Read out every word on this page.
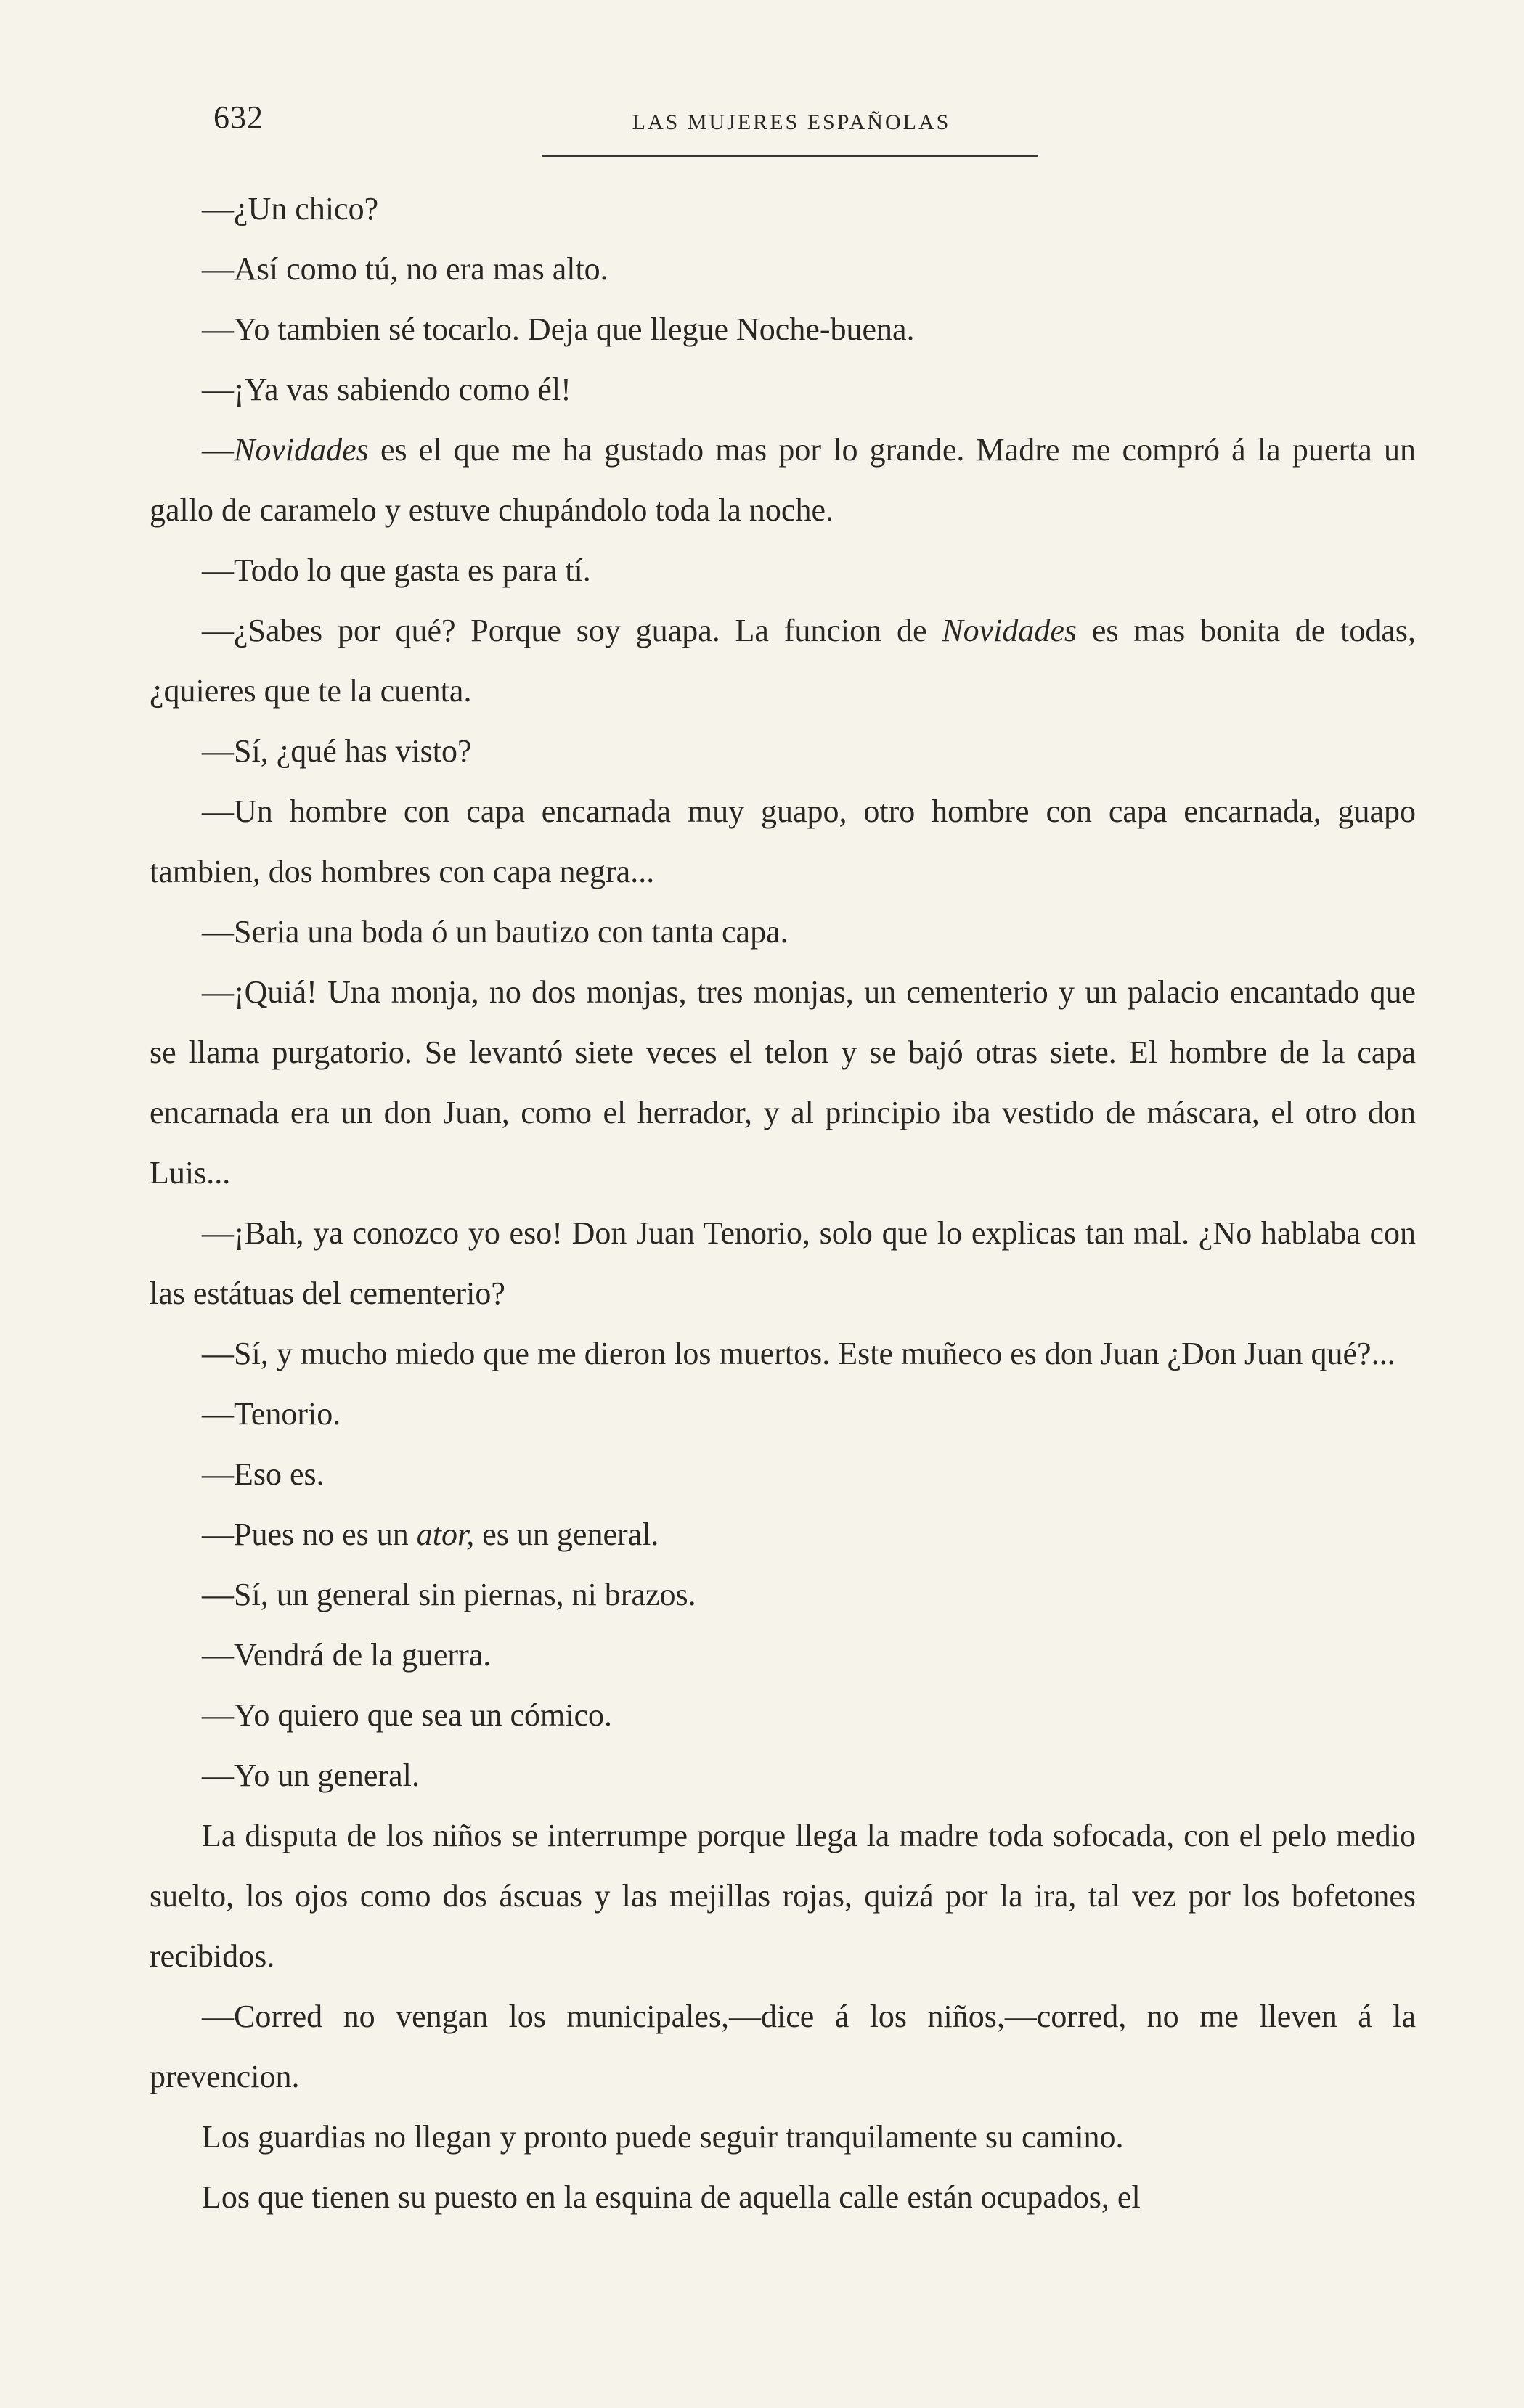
632	LAS MUJERES ESPAÑOLAS

—¿Un chico?

—Así como tú, no era mas alto.

—Yo tambien sé tocarlo. Deja que llegue Noche-buena.

—¡Ya vas sabiendo como él!

—Novidades es el que me ha gustado mas por lo grande. Madre me compró á la puerta un gallo de caramelo y estuve chupándolo toda la noche.

—Todo lo que gasta es para tí.

—¿Sabes por qué? Porque soy guapa. La funcion de Novidades es mas bonita de todas, ¿quieres que te la cuenta.

—Sí, ¿qué has visto?

—Un hombre con capa encarnada muy guapo, otro hombre con capa encarnada, guapo tambien, dos hombres con capa negra...

—Seria una boda ó un bautizo con tanta capa.

—¡Quiá! Una monja, no dos monjas, tres monjas, un cementerio y un palacio encantado que se llama purgatorio. Se levantó siete veces el telon y se bajó otras siete. El hombre de la capa encarnada era un don Juan, como el herrador, y al principio iba vestido de máscara, el otro don Luis...

—¡Bah, ya conozco yo eso! Don Juan Tenorio, solo que lo explicas tan mal. ¿No hablaba con las estátuas del cementerio?

—Sí, y mucho miedo que me dieron los muertos. Este muñeco es don Juan ¿Don Juan qué?...

—Tenorio.

—Eso es.

—Pues no es un ator, es un general.

—Sí, un general sin piernas, ni brazos.

—Vendrá de la guerra.

—Yo quiero que sea un cómico.

—Yo un general.

La disputa de los niños se interrumpe porque llega la madre toda sofocada, con el pelo medio suelto, los ojos como dos áscuas y las mejillas rojas, quizá por la ira, tal vez por los bofetones recibidos.

—Corred no vengan los municipales,—dice á los niños,—corred, no me lleven á la prevencion.

Los guardias no llegan y pronto puede seguir tranquilamente su camino.

Los que tienen su puesto en la esquina de aquella calle están ocupados, el
